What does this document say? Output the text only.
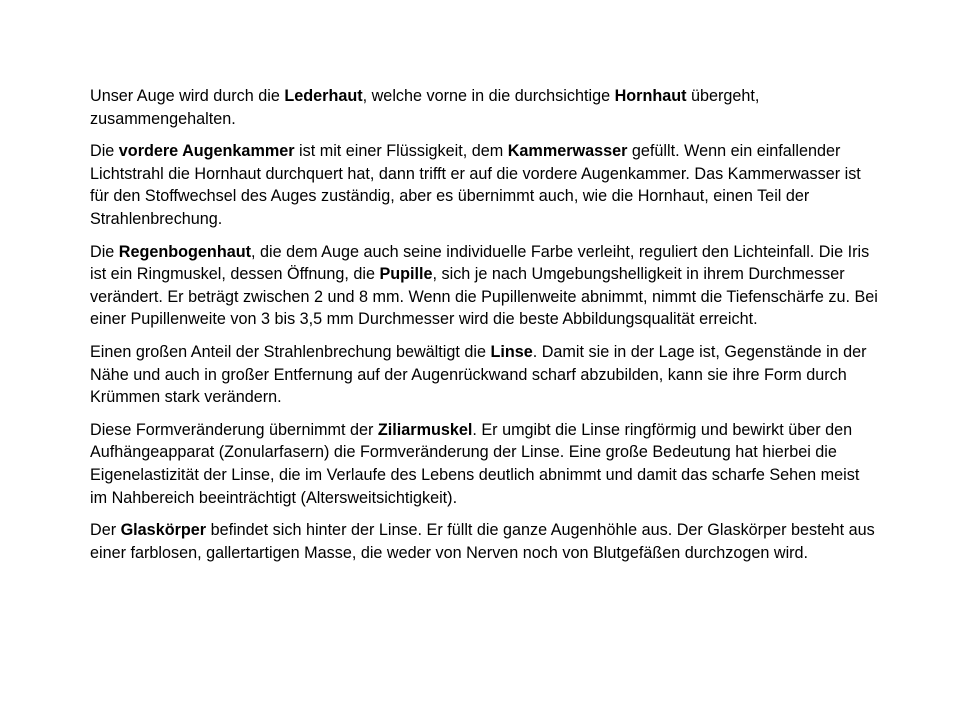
Unser Auge wird durch die Lederhaut, welche vorne in die durchsichtige Hornhaut übergeht, zusammengehalten.

Die vordere Augenkammer ist mit einer Flüssigkeit, dem Kammerwasser gefüllt. Wenn ein einfallender Lichtstrahl die Hornhaut durchquert hat, dann trifft er auf die vordere Augenkammer. Das Kammerwasser ist für den Stoffwechsel des Auges zuständig, aber es übernimmt auch, wie die Hornhaut, einen Teil der Strahlenbrechung.

Die Regenbogenhaut, die dem Auge auch seine individuelle Farbe verleiht, reguliert den Lichteinfall. Die Iris ist ein Ringmuskel, dessen Öffnung, die Pupille, sich je nach Umgebungshelligkeit in ihrem Durchmesser verändert. Er beträgt zwischen 2 und 8 mm. Wenn die Pupillenweite abnimmt, nimmt die Tiefenschärfe zu. Bei einer Pupillenweite von 3 bis 3,5 mm Durchmesser wird die beste Abbildungsqualität erreicht.

Einen großen Anteil der Strahlenbrechung bewältigt die Linse. Damit sie in der Lage ist, Gegenstände in der Nähe und auch in großer Entfernung auf der Augenrückwand scharf abzubilden, kann sie ihre Form durch Krümmen stark verändern.

Diese Formveränderung übernimmt der Ziliarmuskel. Er umgibt die Linse ringförmig und bewirkt über den Aufhängeapparat (Zonularfasern) die Formveränderung der Linse. Eine große Bedeutung hat hierbei die Eigenelastizität der Linse, die im Verlaufe des Lebens deutlich abnimmt und damit das scharfe Sehen meist im Nahbereich beeinträchtigt (Altersweitsichtigkeit).

Der Glaskörper befindet sich hinter der Linse. Er füllt die ganze Augenhöhle aus. Der Glaskörper besteht aus einer farblosen, gallertartigen Masse, die weder von Nerven noch von Blutgefäßen durchzogen wird.
